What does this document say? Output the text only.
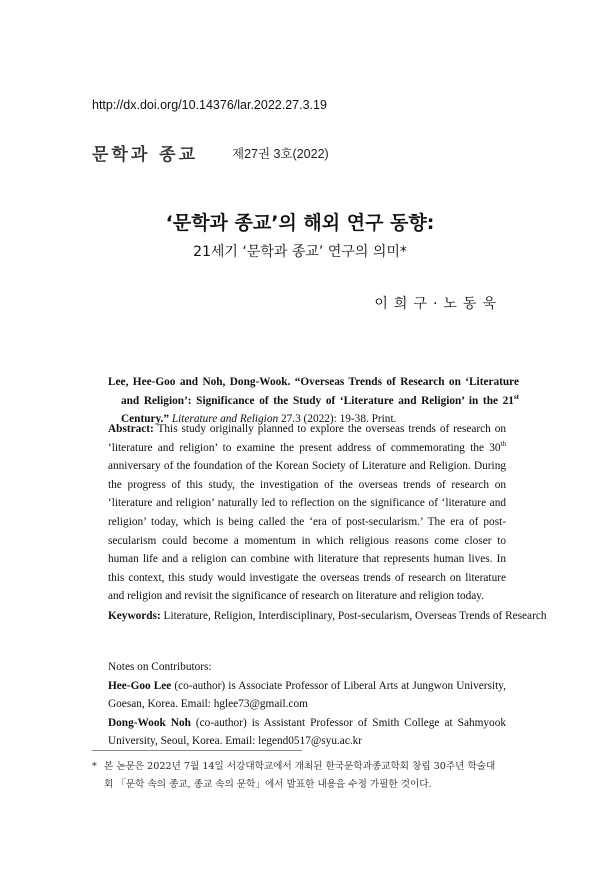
http://dx.doi.org/10.14376/lar.2022.27.3.19
문학과 종교	제27권 3호(2022)
‘문학과 종교’의 해외 연구 동향:
21세기 ‘문학과 종교’ 연구의 의미*
이희구·노동욱
Lee, Hee-Goo and Noh, Dong-Wook. “Overseas Trends of Research on ‘Literature and Religion’: Significance of the Study of ‘Literature and Religion’ in the 21st Century.” Literature and Religion 27.3 (2022): 19-38. Print.
Abstract: This study originally planned to explore the overseas trends of research on ‘literature and religion’ to examine the present address of commemorating the 30th anniversary of the foundation of the Korean Society of Literature and Religion. During the progress of this study, the investigation of the overseas trends of research on ‘literature and religion’ naturally led to reflection on the significance of ‘literature and religion’ today, which is being called the ‘era of post-secularism.’ The era of post-secularism could become a momentum in which religious reasons come closer to human life and a religion can combine with literature that represents human lives. In this context, this study would investigate the overseas trends of research on literature and religion and revisit the significance of research on literature and religion today.
Keywords: Literature, Religion, Interdisciplinary, Post-secularism, Overseas Trends of Research

Notes on Contributors:

Hee-Goo Lee (co-author) is Associate Professor of Liberal Arts at Jungwon University, Goesan, Korea. Email: hglee73@gmail.com

Dong-Wook Noh (co-author) is Assistant Professor of Smith College at Sahmyook University, Seoul, Korea. Email: legend0517@syu.ac.kr

* 본 논문은 2022년 7월 14일 서강대학교에서 개최된 한국문학과종교학회 창립 30주년 학술대회 「문학 속의 종교, 종교 속의 문학」에서 발표한 내용을 수정 가필한 것이다.
